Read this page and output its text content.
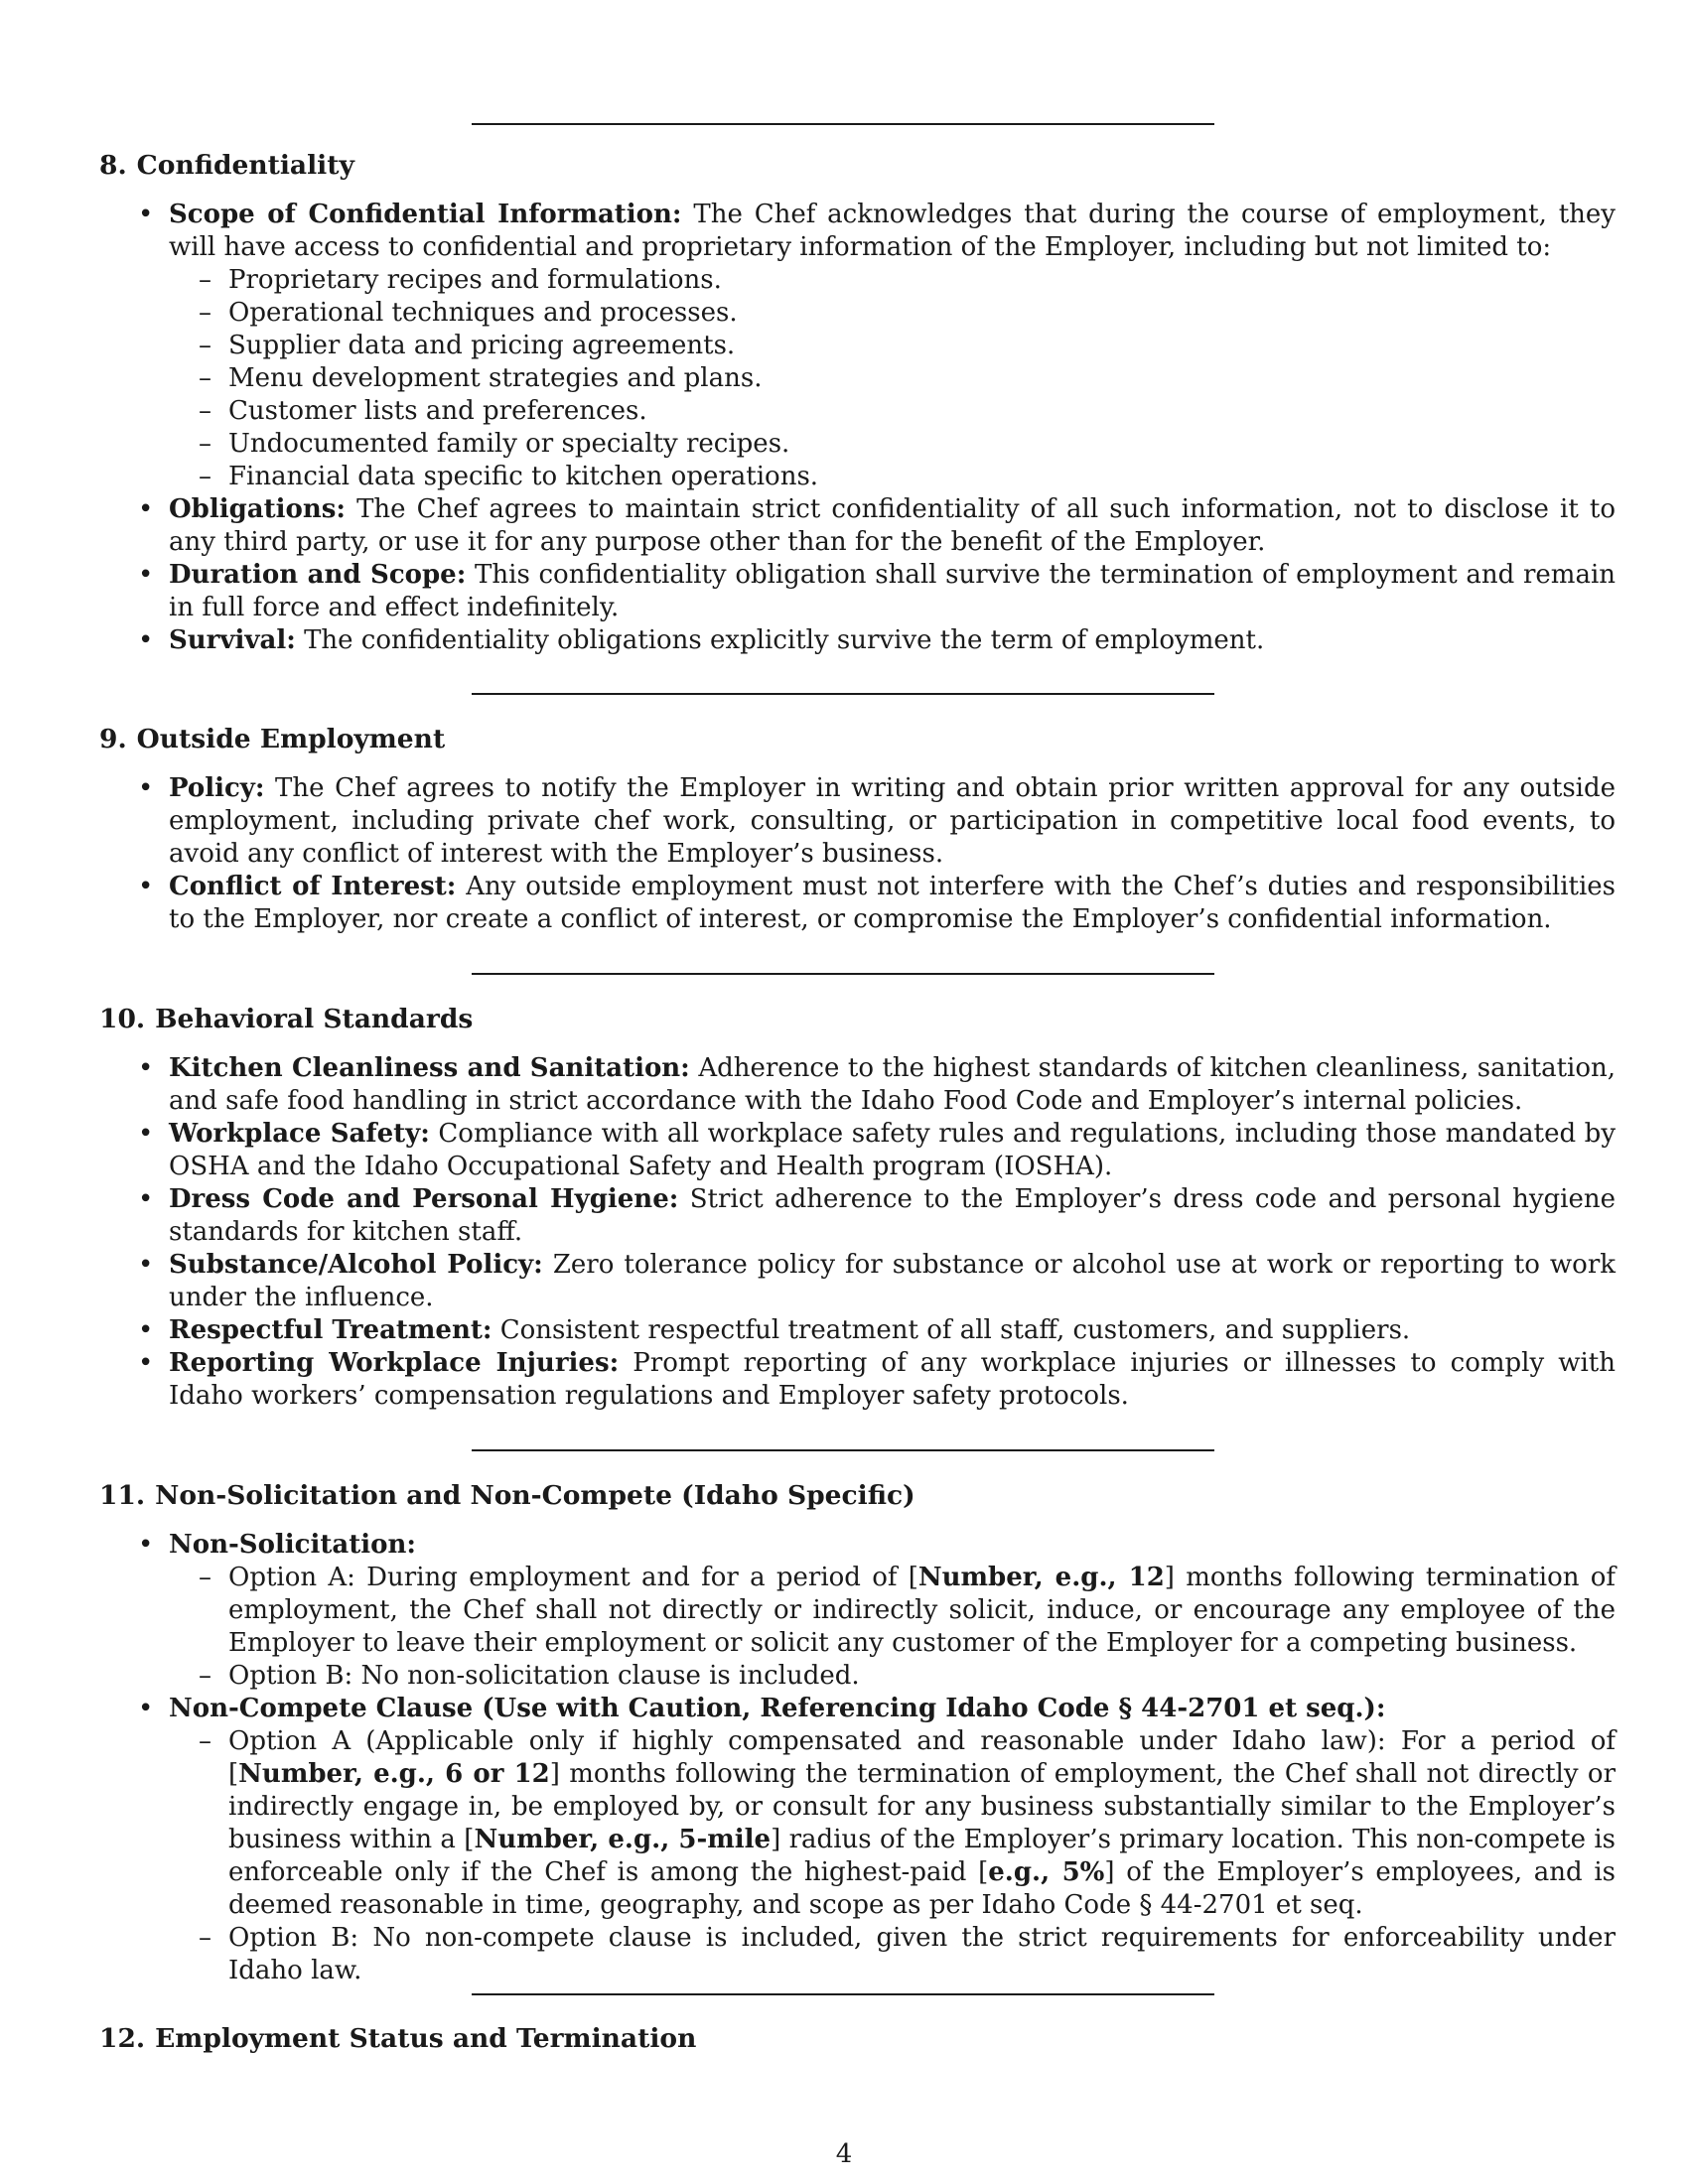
8. Confidentiality
• Scope of Confidential Information: The Chef acknowledges that during the course of employment, they will have access to confidential and proprietary information of the Employer, including but not limited to:
– Proprietary recipes and formulations.
– Operational techniques and processes.
– Supplier data and pricing agreements.
– Menu development strategies and plans.
– Customer lists and preferences.
– Undocumented family or specialty recipes.
– Financial data specific to kitchen operations.
• Obligations: The Chef agrees to maintain strict confidentiality of all such information, not to disclose it to any third party, or use it for any purpose other than for the benefit of the Employer.
• Duration and Scope: This confidentiality obligation shall survive the termination of employment and remain in full force and effect indefinitely.
• Survival: The confidentiality obligations explicitly survive the term of employment.
9. Outside Employment
• Policy: The Chef agrees to notify the Employer in writing and obtain prior written approval for any outside employment, including private chef work, consulting, or participation in competitive local food events, to avoid any conflict of interest with the Employer’s business.
• Conflict of Interest: Any outside employment must not interfere with the Chef’s duties and responsibilities to the Employer, nor create a conflict of interest, or compromise the Employer’s confidential information.
10. Behavioral Standards
• Kitchen Cleanliness and Sanitation: Adherence to the highest standards of kitchen cleanliness, sanitation, and safe food handling in strict accordance with the Idaho Food Code and Employer’s internal policies.
• Workplace Safety: Compliance with all workplace safety rules and regulations, including those mandated by OSHA and the Idaho Occupational Safety and Health program (IOSHA).
• Dress Code and Personal Hygiene: Strict adherence to the Employer’s dress code and personal hygiene standards for kitchen staff.
• Substance/Alcohol Policy: Zero tolerance policy for substance or alcohol use at work or reporting to work under the influence.
• Respectful Treatment: Consistent respectful treatment of all staff, customers, and suppliers.
• Reporting Workplace Injuries: Prompt reporting of any workplace injuries or illnesses to comply with Idaho workers’ compensation regulations and Employer safety protocols.
11. Non-Solicitation and Non-Compete (Idaho Specific)
• Non-Solicitation:
– Option A: During employment and for a period of [Number, e.g., 12] months following termination of employment, the Chef shall not directly or indirectly solicit, induce, or encourage any employee of the Employer to leave their employment or solicit any customer of the Employer for a competing business.
– Option B: No non-solicitation clause is included.
• Non-Compete Clause (Use with Caution, Referencing Idaho Code § 44-2701 et seq.):
– Option A (Applicable only if highly compensated and reasonable under Idaho law): For a period of [Number, e.g., 6 or 12] months following the termination of employment, the Chef shall not directly or indirectly engage in, be employed by, or consult for any business substantially similar to the Employer’s business within a [Number, e.g., 5-mile] radius of the Employer’s primary location. This non-compete is enforceable only if the Chef is among the highest-paid [e.g., 5%] of the Employer’s employees, and is deemed reasonable in time, geography, and scope as per Idaho Code § 44-2701 et seq.
– Option B: No non-compete clause is included, given the strict requirements for enforceability under Idaho law.
12. Employment Status and Termination
4
